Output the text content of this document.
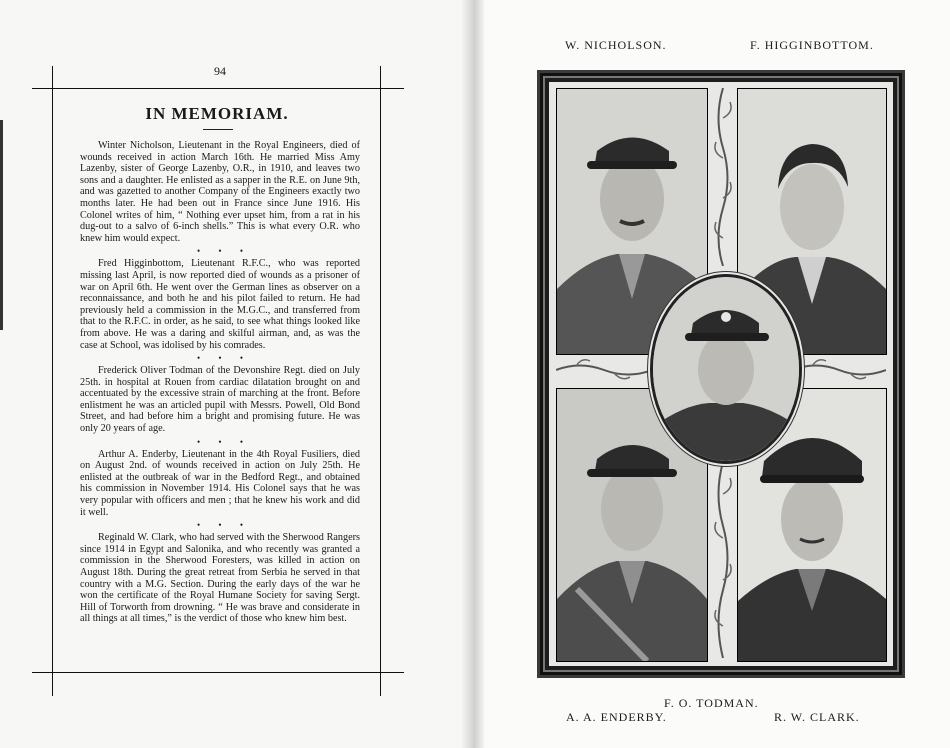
94
IN MEMORIAM.

Winter Nicholson, Lieutenant in the Royal Engineers, died of wounds received in action March 16th. He married Miss Amy Lazenby, sister of George Lazenby, O.R., in 1910, and leaves two sons and a daughter. He enlisted as a sapper in the R.E. on June 9th, and was gazetted to another Company of the Engineers exactly two months later. He had been out in France since June 1916. His Colonel writes of him, “ Nothing ever upset him, from a rat in his dug-out to a salvo of 6-inch shells.” This is what every O.R. who knew him would expect.

• • •

Fred Higginbottom, Lieutenant R.F.C., who was reported missing last April, is now reported died of wounds as a prisoner of war on April 6th. He went over the German lines as observer on a reconnaissance, and both he and his pilot failed to return. He had previously held a commission in the M.G.C., and transferred from that to the R.F.C. in order, as he said, to see what things looked like from above. He was a daring and skilful airman, and, as was the case at School, was idolised by his comrades.

• • •

Frederick Oliver Todman of the Devonshire Regt. died on July 25th. in hospital at Rouen from cardiac dilatation brought on and accentuated by the excessive strain of marching at the front. Before enlistment he was an articled pupil with Messrs. Powell, Old Bond Street, and had before him a bright and promising future. He was only 20 years of age.

• • •

Arthur A. Enderby, Lieutenant in the 4th Royal Fusiliers, died on August 2nd. of wounds received in action on July 25th. He enlisted at the outbreak of war in the Bedford Regt., and obtained his commission in November 1914. His Colonel says that he was very popular with officers and men ; that he knew his work and did it well.

• • •

Reginald W. Clark, who had served with the Sherwood Rangers since 1914 in Egypt and Salonika, and who recently was granted a commission in the Sherwood Foresters, was killed in action on August 18th. During the great retreat from Serbia he served in that country with a M.G. Section. During the early days of the war he won the certificate of the Royal Humane Society for saving Sergt. Hill of Torworth from drowning. “ He was brave and considerate in all things at all times,” is the verdict of those who knew him best.

W. NICHOLSON.	F. HIGGINBOTTOM.
F. O. TODMAN.
A. A. ENDERBY.	R. W. CLARK.
